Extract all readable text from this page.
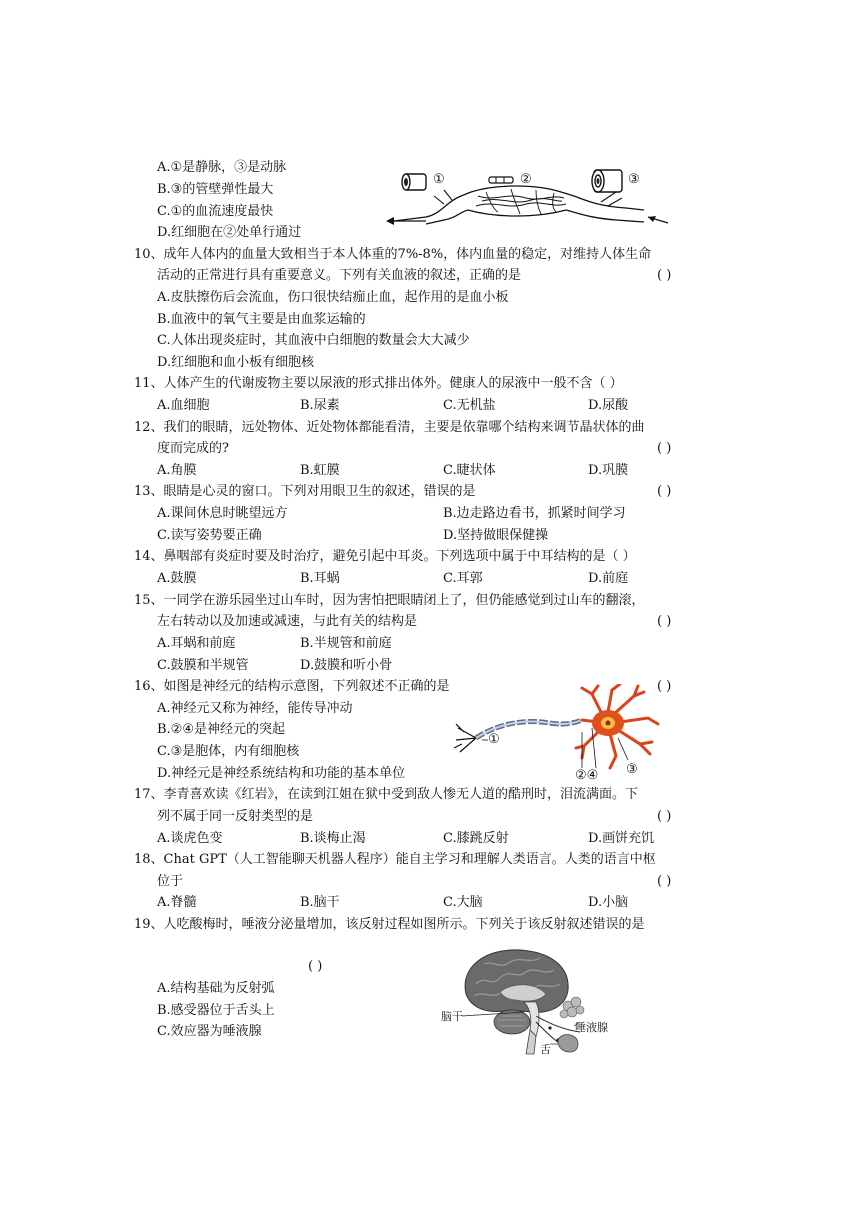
A.①是静脉，③是动脉
B.③的管壁弹性最大
C.①的血流速度最快
D.红细胞在②处单行通过
①	②	③
10、成年人体内的血量大致相当于本人体重的7%-8%，体内血量的稳定，对维持人体生命
活动的正常进行具有重要意义。下列有关血液的叙述，正确的是	( )
A.皮肤擦伤后会流血，伤口很快结痂止血，起作用的是血小板
B.血液中的氧气主要是由血浆运输的
C.人体出现炎症时，其血液中白细胞的数量会大大减少
D.红细胞和血小板有细胞核
11、人体产生的代谢废物主要以尿液的形式排出体外。健康人的尿液中一般不含（ ）
A.血细胞	B.尿素	C.无机盐	D.尿酸
12、我们的眼睛，远处物体、近处物体都能看清，主要是依靠哪个结构来调节晶状体的曲
度而完成的?	( )
A.角膜	B.虹膜	C.睫状体	D.巩膜
13、眼睛是心灵的窗口。下列对用眼卫生的叙述，错误的是	( )
A.课间休息时眺望远方	B.边走路边看书，抓紧时间学习
C.读写姿势要正确	D.坚持做眼保健操
14、鼻咽部有炎症时要及时治疗，避免引起中耳炎。下列选项中属于中耳结构的是（ ）
A.鼓膜	B.耳蜗	C.耳郭	D.前庭
15、一同学在游乐园坐过山车时，因为害怕把眼睛闭上了，但仍能感觉到过山车的翻滚，
左右转动以及加速或减速，与此有关的结构是	( )
A.耳蜗和前庭	B.半规管和前庭
C.鼓膜和半规管	D.鼓膜和听小骨
16、如图是神经元的结构示意图，下列叙述不正确的是	( )
A.神经元又称为神经，能传导冲动
B.②④是神经元的突起
C.③是胞体，内有细胞核
D.神经元是神经系统结构和功能的基本单位
①
②④ ③
17、李青喜欢读《红岩》，在读到江姐在狱中受到敌人惨无人道的酷刑时，泪流满面。下
列不属于同一反射类型的是	( )
A.谈虎色变	B.谈梅止渴	C.膝跳反射	D.画饼充饥
18、Chat GPT（人工智能聊天机器人程序）能自主学习和理解人类语言。人类的语言中枢
位于	( )
A.脊髓	B.脑干	C.大脑	D.小脑
19、人吃酸梅时，唾液分泌量增加，该反射过程如图所示。下列关于该反射叙述错误的是
( )
A.结构基础为反射弧
B.感受器位于舌头上
C.效应器为唾液腺
脑干
唾液腺
舌
